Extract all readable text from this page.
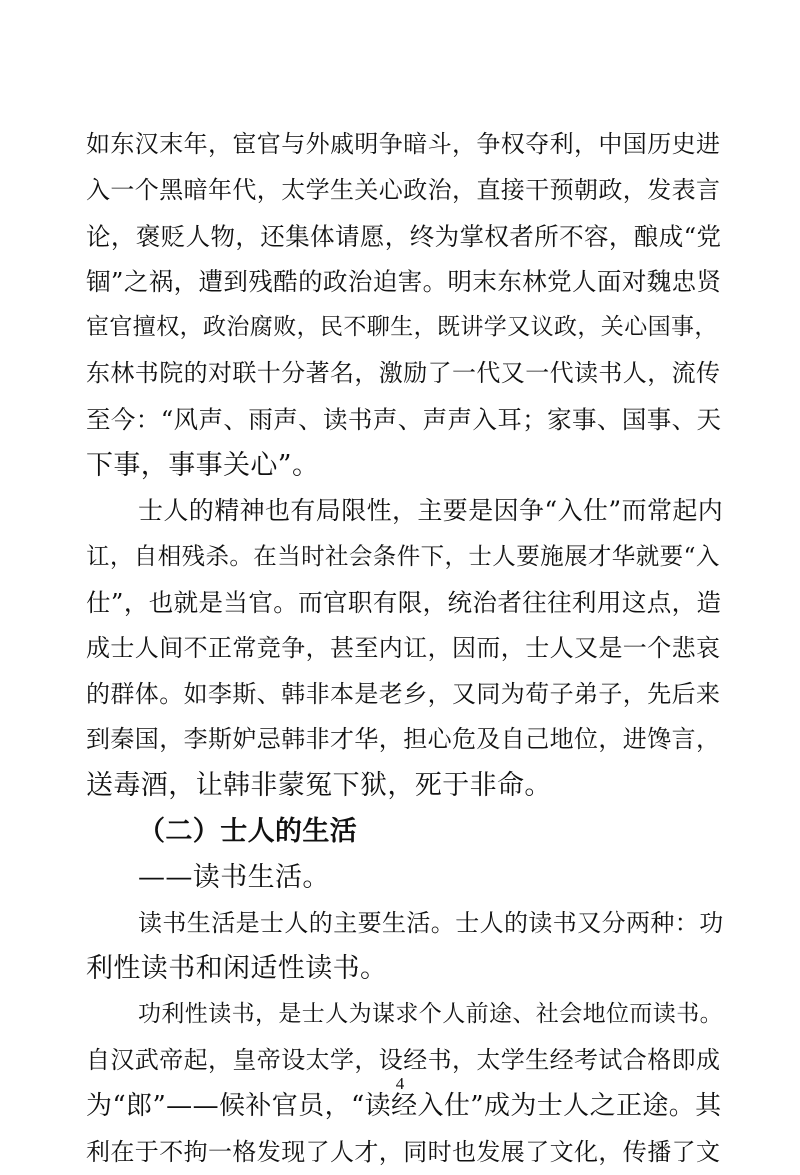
如东汉末年，宦官与外戚明争暗斗，争权夺利，中国历史进
入一个黑暗年代，太学生关心政治，直接干预朝政，发表言
论，褒贬人物，还集体请愿，终为掌权者所不容，酿成“党
锢”之祸，遭到残酷的政治迫害。明末东林党人面对魏忠贤
宦官擅权，政治腐败，民不聊生，既讲学又议政，关心国事，
东林书院的对联十分著名，激励了一代又一代读书人，流传
至今：“风声、雨声、读书声、声声入耳；家事、国事、天
下事，事事关心”。
士人的精神也有局限性，主要是因争“入仕”而常起内
讧，自相残杀。在当时社会条件下，士人要施展才华就要“入
仕”，也就是当官。而官职有限，统治者往往利用这点，造
成士人间不正常竞争，甚至内讧，因而，士人又是一个悲哀
的群体。如李斯、韩非本是老乡，又同为荀子弟子，先后来
到秦国，李斯妒忌韩非才华，担心危及自己地位，进馋言，
送毒酒，让韩非蒙冤下狱，死于非命。
（二）士人的生活
——读书生活。
读书生活是士人的主要生活。士人的读书又分两种：功
利性读书和闲适性读书。
功利性读书，是士人为谋求个人前途、社会地位而读书。
自汉武帝起，皇帝设太学，设经书，太学生经考试合格即成
为“郎”——候补官员，“读经入仕”成为士人之正途。其
利在于不拘一格发现了人才，同时也发展了文化，传播了文
4
